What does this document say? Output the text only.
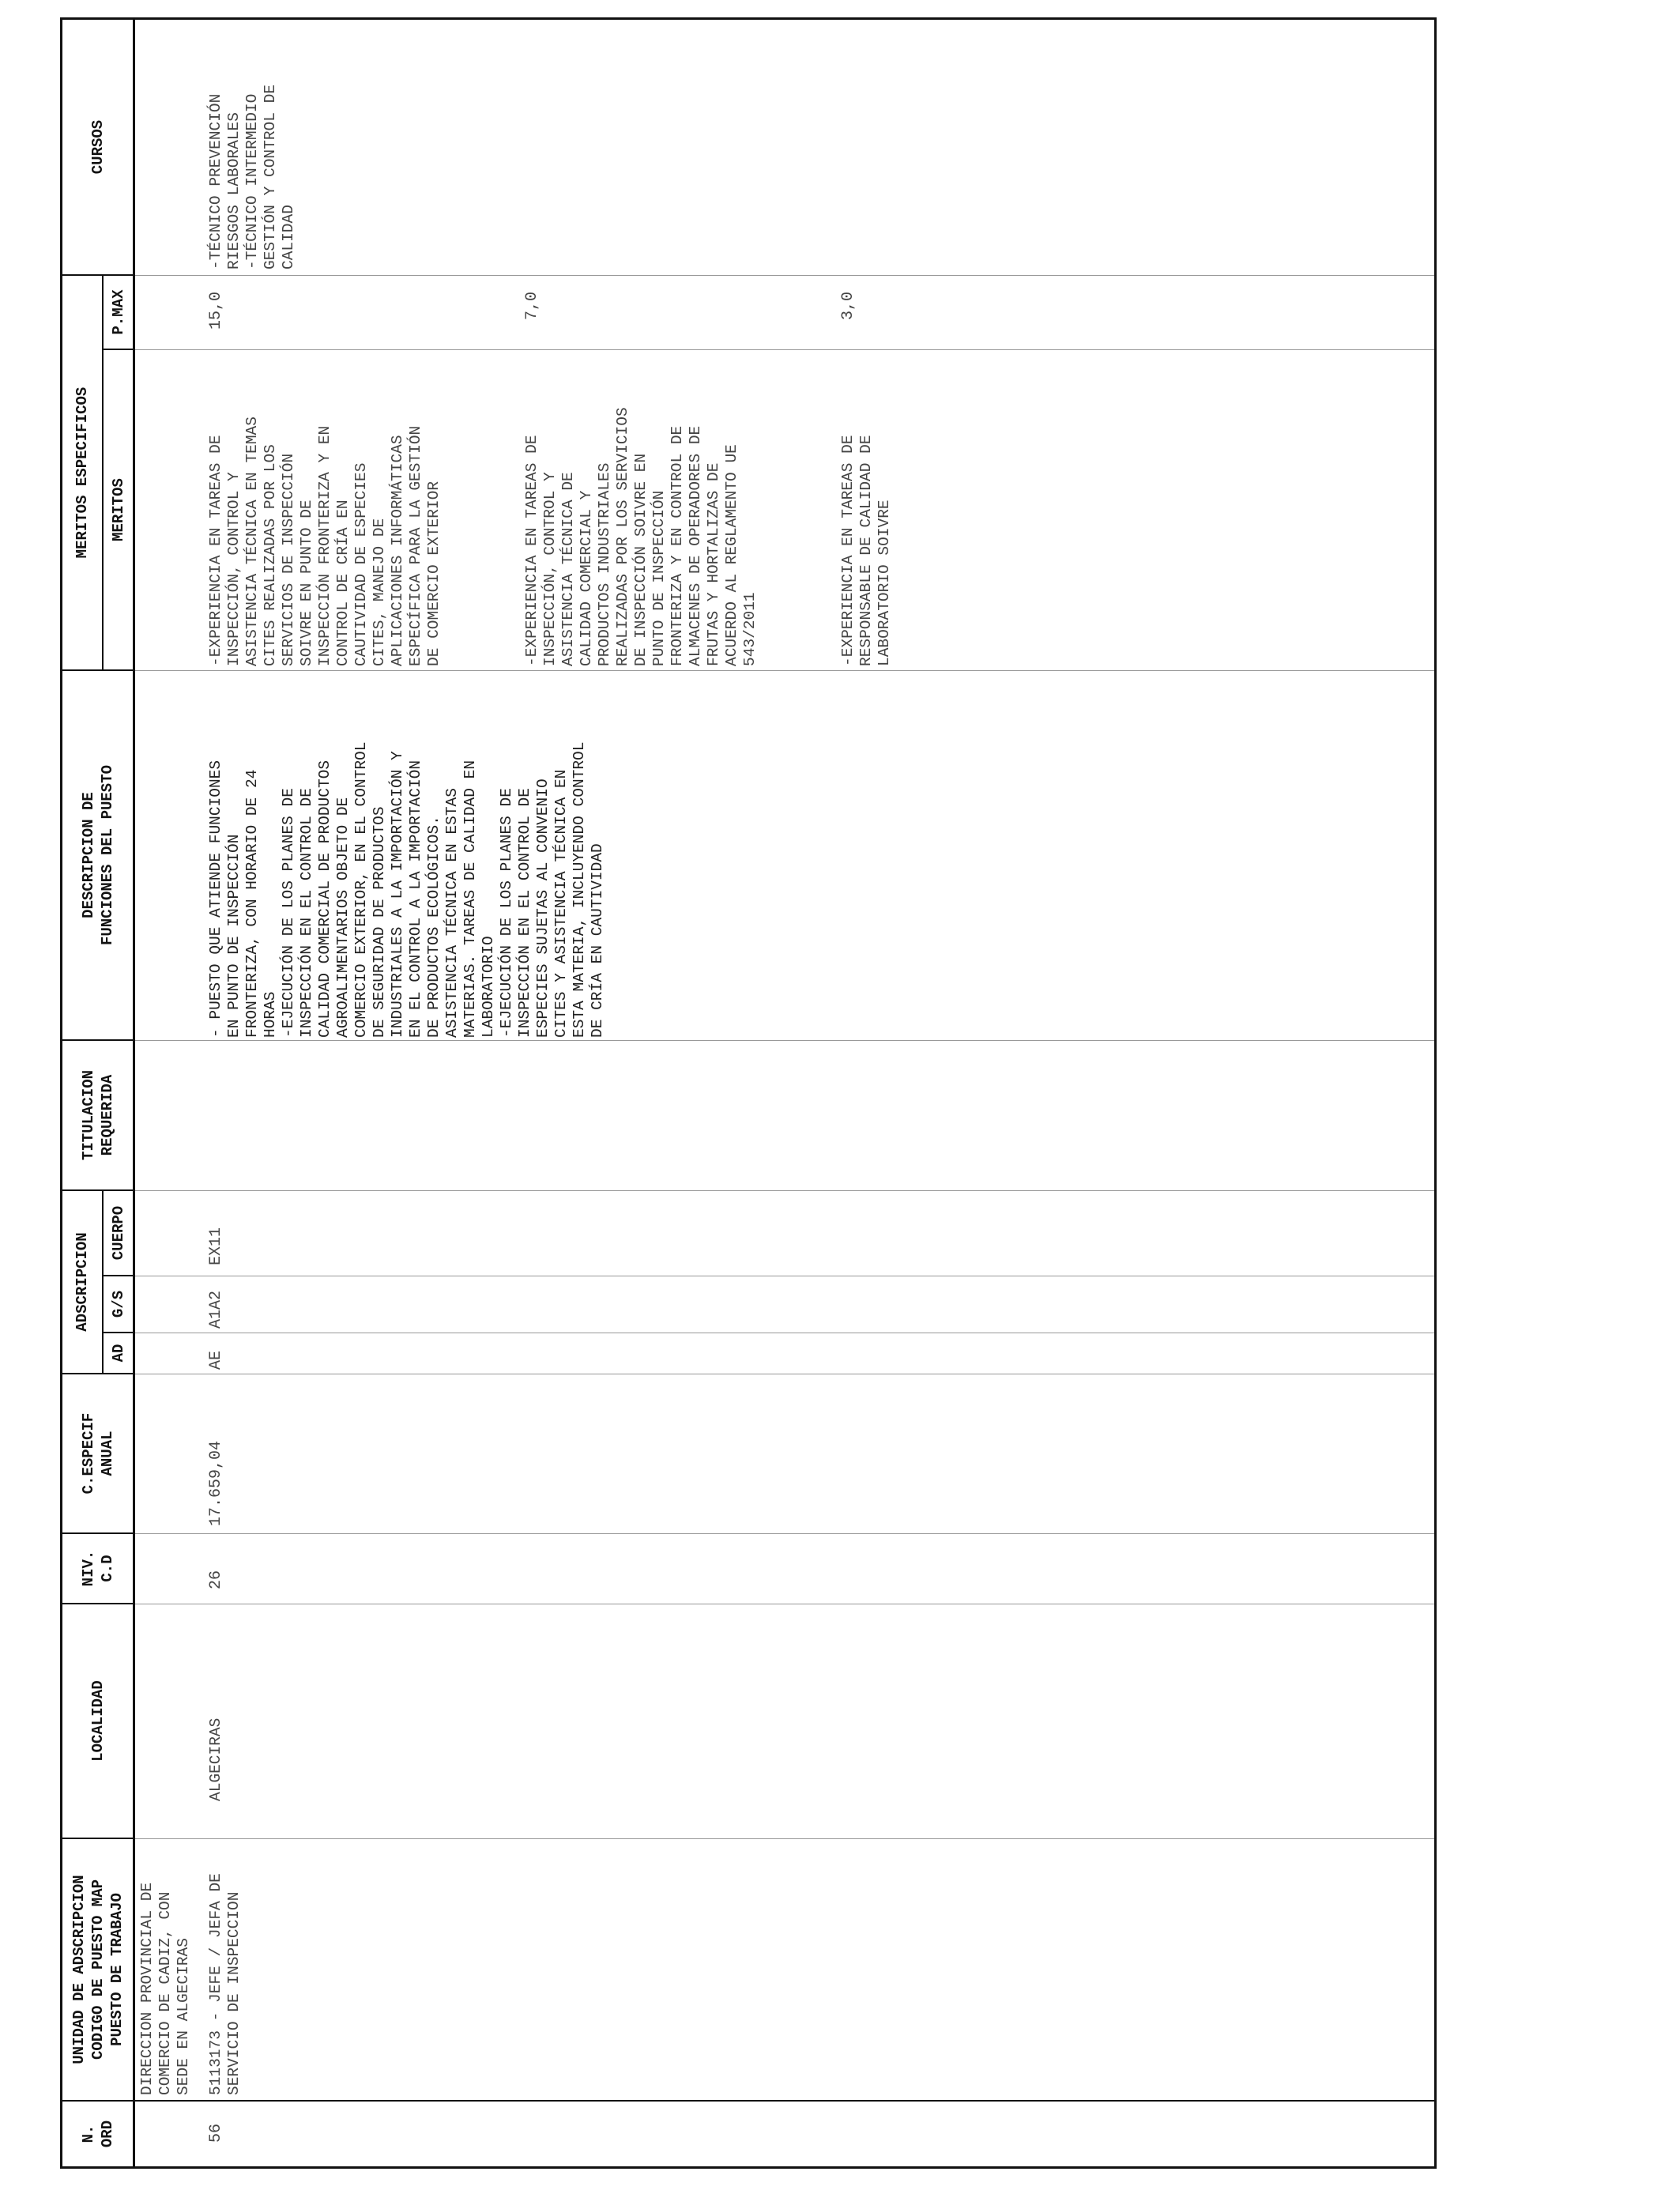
N. ORD
UNIDAD DE ADSCRIPCION CODIGO DE PUESTO MAP PUESTO DE TRABAJO
LOCALIDAD
NIV. C.D
C.ESPECIF ANUAL
ADSCRIPCION
AD
G/S
CUERPO
TITULACION REQUERIDA
DESCRIPCION DE FUNCIONES DEL PUESTO
MERITOS ESPECIFICOS MERITOS
P.MAX
CURSOS
DIRECCION PROVINCIAL DE
COMERCIO DE CADIZ, CON
SEDE EN ALGECIRAS
56
5113173 - JEFE / JEFA DE
SERVICIO DE INSPECCION
ALGECIRAS
26
17.659,04
AE
A1A2
EX11
- PUESTO QUE ATIENDE FUNCIONES
EN PUNTO DE INSPECCIÓN
FRONTERIZA, CON HORARIO DE 24
HORAS
-EJECUCIÓN DE LOS PLANES DE
INSPECCIÓN EN EL CONTROL DE
CALIDAD COMERCIAL DE PRODUCTOS
AGROALIMENTARIOS OBJETO DE
COMERCIO EXTERIOR, EN EL CONTROL
DE SEGURIDAD DE PRODUCTOS
INDUSTRIALES A LA IMPORTACIÓN Y
EN EL CONTROL A LA IMPORTACIÓN
DE PRODUCTOS ECOLÓGICOS.
ASISTENCIA TÉCNICA EN ESTAS
MATERIAS. TAREAS DE CALIDAD EN
LABORATORIO
-EJECUCIÓN DE LOS PLANES DE
INSPECCIÓN EN EL CONTROL DE
ESPECIES SUJETAS AL CONVENIO
CITES Y ASISTENCIA TÉCNICA EN
ESTA MATERIA, INCLUYENDO CONTROL
DE CRÍA EN CAUTIVIDAD
-EXPERIENCIA EN TAREAS DE
INSPECCIÓN, CONTROL Y
ASISTENCIA TÉCNICA EN TEMAS
CITES REALIZADAS POR LOS
SERVICIOS DE INSPECCIÓN
SOIVRE EN PUNTO DE
INSPECCIÓN FRONTERIZA Y EN
CONTROL DE CRÍA EN
CAUTIVIDAD DE ESPECIES
CITES, MANEJO DE
APLICACIONES INFORMÁTICAS
ESPECÍFICA PARA LA GESTIÓN
DE COMERCIO EXTERIOR
15,0
-EXPERIENCIA EN TAREAS DE
INSPECCIÓN, CONTROL Y
ASISTENCIA TÉCNICA DE
CALIDAD COMERCIAL Y
PRODUCTOS INDUSTRIALES
REALIZADAS POR LOS SERVICIOS
DE INSPECCIÓN SOIVRE EN
PUNTO DE INSPECCIÓN
FRONTERIZA Y EN CONTROL DE
ALMACENES DE OPERADORES DE
FRUTAS Y HORTALIZAS DE
ACUERDO AL REGLAMENTO UE
543/2011
7,0
-EXPERIENCIA EN TAREAS DE
RESPONSABLE DE CALIDAD DE
LABORATORIO SOIVRE
3,0
-TÉCNICO PREVENCIÓN
RIESGOS LABORALES
-TÉCNICO INTERMEDIO
GESTIÓN Y CONTROL DE
CALIDAD
